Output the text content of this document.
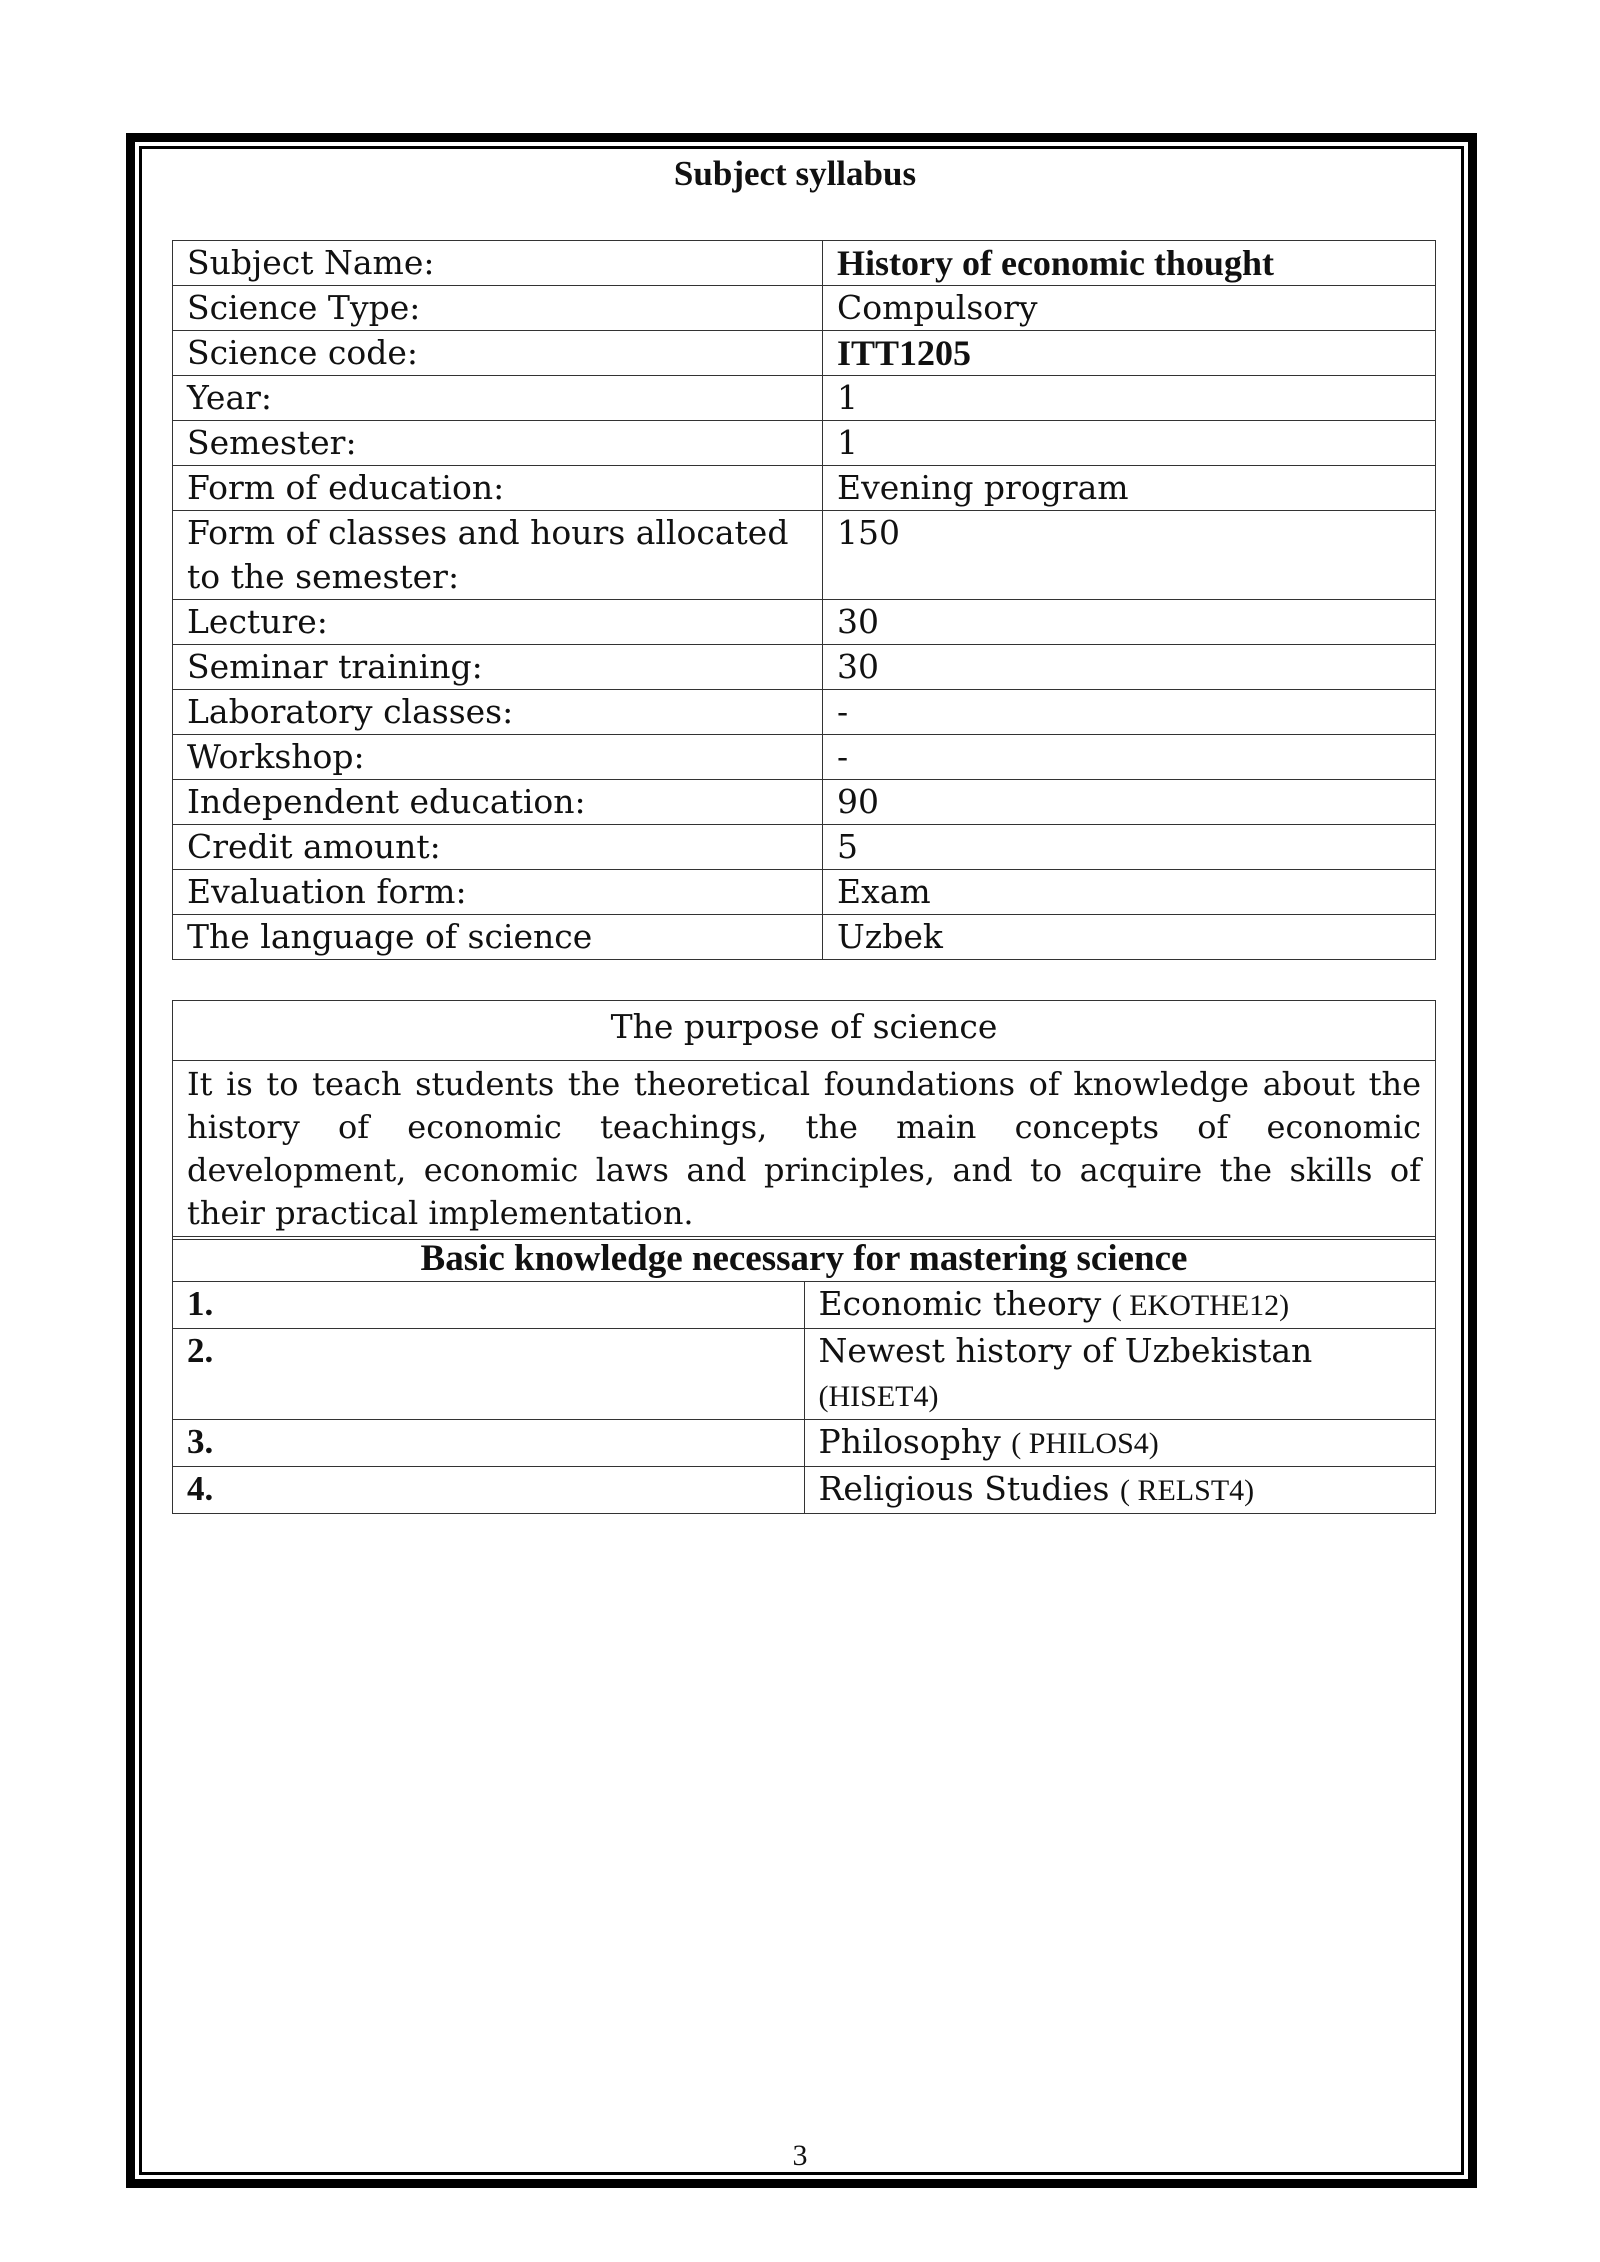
Subject syllabus
Subject Name:	History of economic thought
Science Type:	Compulsory
Science code:	ITT1205
Year:	1
Semester:	1
Form of education:	Evening program
Form of classes and hours allocated to the semester:	150
Lecture:	30
Seminar training:	30
Laboratory classes:	-
Workshop:	-
Independent education:	90
Credit amount:	5
Evaluation form:	Exam
The language of science	Uzbek
The purpose of science
It is to teach students the theoretical foundations of knowledge about the history of economic teachings, the main concepts of economic development, economic laws and principles, and to acquire the skills of their practical implementation.
Basic knowledge necessary for mastering science	
1.	Economic theory ( EKOTHE12)
2.	Newest history of Uzbekistan (HISET4)
3.	Philosophy ( PHILOS4)
4.	Religious Studies ( RELST4)
3
